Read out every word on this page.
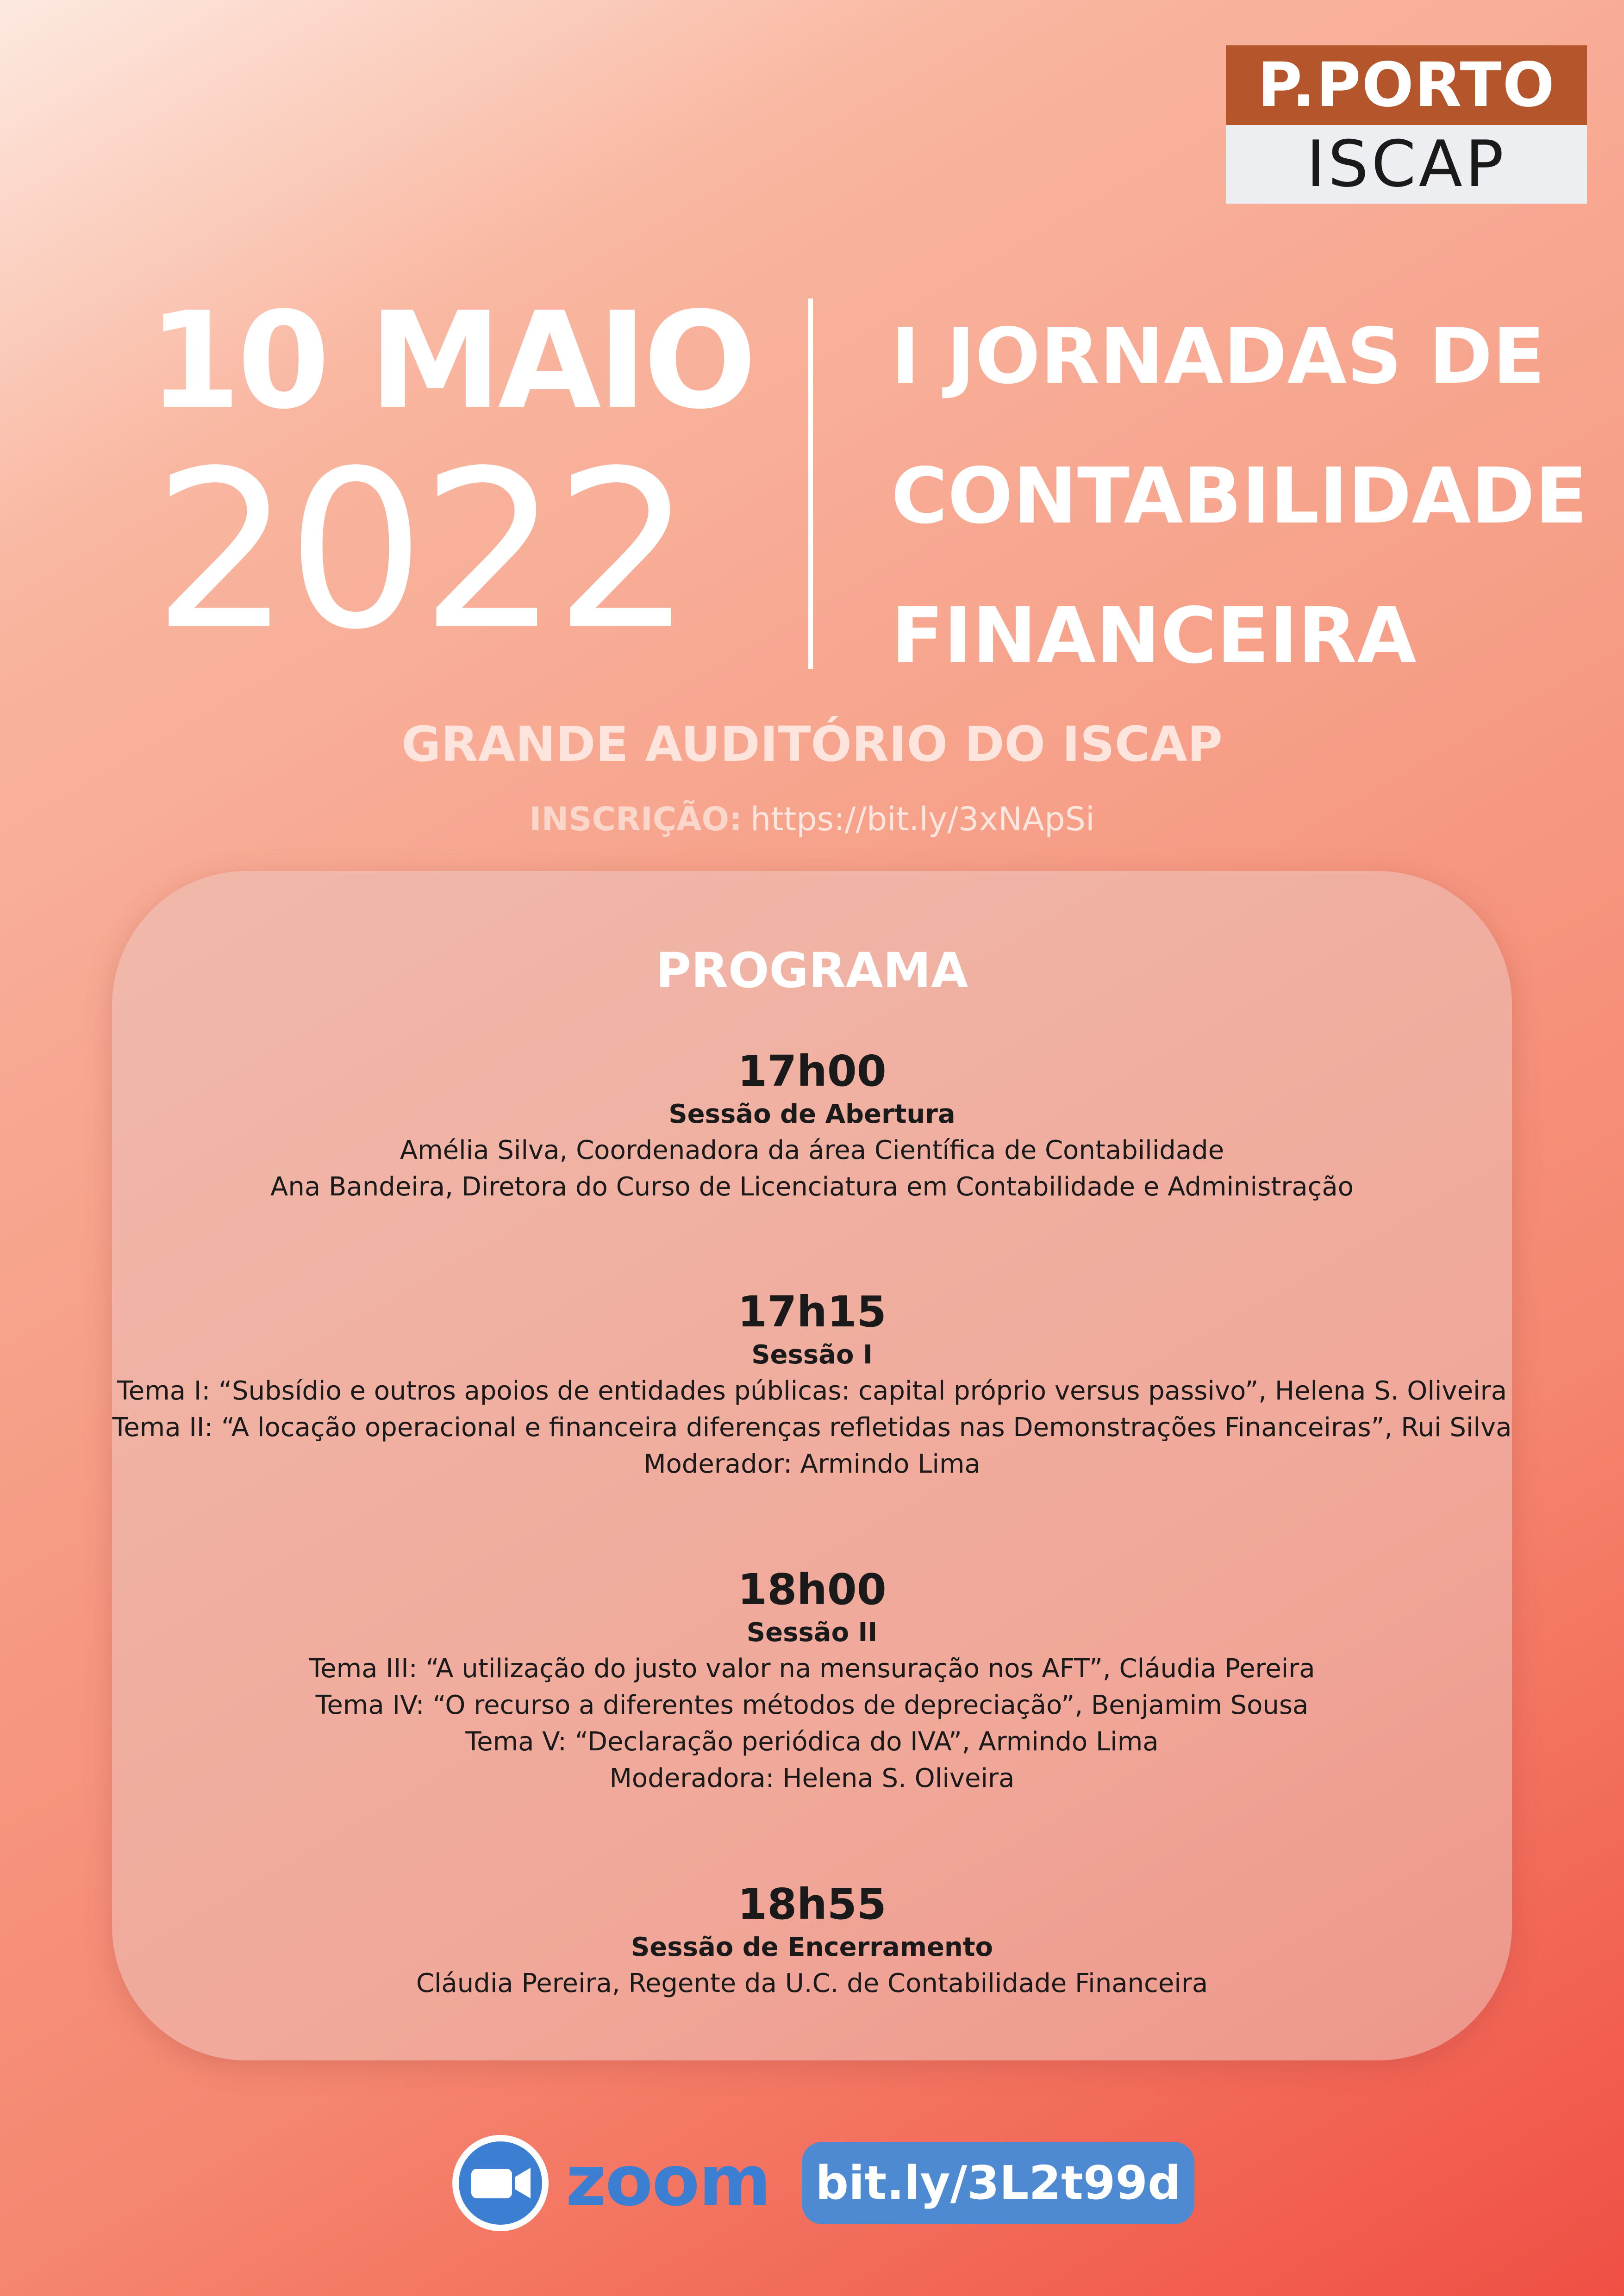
P.PORTO
ISCAP
10 MAIO
2022
I JORNADAS DE
CONTABILIDADE
FINANCEIRA
GRANDE AUDITÓRIO DO ISCAP
INSCRIÇÃO: https://bit.ly/3xNApSi
PROGRAMA
17h00
Sessão de Abertura
Amélia Silva, Coordenadora da área Científica de Contabilidade
Ana Bandeira, Diretora do Curso de Licenciatura em Contabilidade e Administração
17h15
Sessão I
Tema I: “Subsídio e outros apoios de entidades públicas: capital próprio versus passivo”, Helena S. Oliveira
Tema II: “A locação operacional e financeira diferenças refletidas nas Demonstrações Financeiras”, Rui Silva
Moderador: Armindo Lima
18h00
Sessão II
Tema III: “A utilização do justo valor na mensuração nos AFT”, Cláudia Pereira
Tema IV: “O recurso a diferentes métodos de depreciação”, Benjamim Sousa
Tema V: “Declaração periódica do IVA”, Armindo Lima
Moderadora: Helena S. Oliveira
18h55
Sessão de Encerramento
Cláudia Pereira, Regente da U.C. de Contabilidade Financeira
zoom bit.ly/3L2t99d
